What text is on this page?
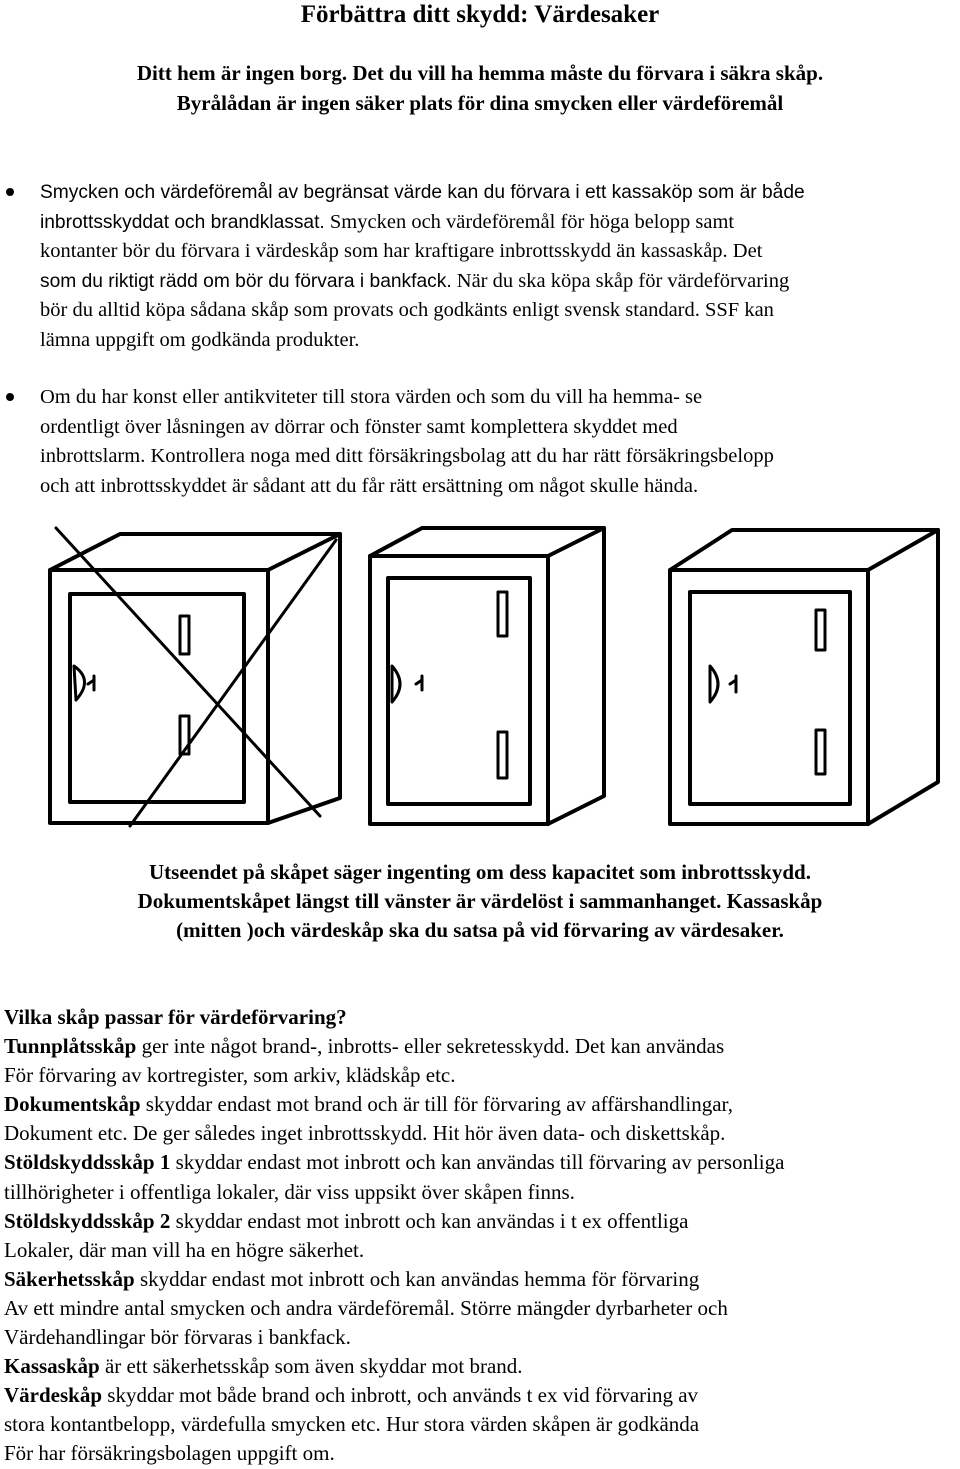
Förbättra ditt skydd: Värdesaker
Ditt hem är ingen borg. Det du vill ha hemma måste du förvara i säkra skåp.
Byrålådan är ingen säker plats för dina smycken eller värdeföremål
Smycken och värdeföremål av begränsat värde kan du förvara i ett kassaköp som är både
inbrottsskyddat och brandklassat. Smycken och värdeföremål för höga belopp samt
kontanter bör du förvara i värdeskåp som har kraftigare inbrottsskydd än kassaskåp. Det
som du riktigt rädd om bör du förvara i bankfack. När du ska köpa skåp för värdeförvaring
bör du alltid köpa sådana skåp som provats och godkänts enligt svensk standard. SSF kan
lämna uppgift om godkända produkter.
Om du har konst eller antikviteter till stora värden och som du vill ha hemma- se
ordentligt över låsningen av dörrar och fönster samt komplettera skyddet med
inbrottslarm. Kontrollera noga med ditt försäkringsbolag att du har rätt försäkringsbelopp
och att inbrottsskyddet är sådant att du får rätt ersättning om något skulle hända.
Utseendet på skåpet säger ingenting om dess kapacitet som inbrottsskydd.
Dokumentskåpet längst till vänster är värdelöst i sammanhanget. Kassaskåp
(mitten )och värdeskåp ska du satsa på vid förvaring av värdesaker.
Vilka skåp passar för värdeförvaring?
Tunnplåtsskåp ger inte något brand-, inbrotts- eller sekretesskydd. Det kan användas
För förvaring av kortregister, som arkiv, klädskåp etc.
Dokumentskåp skyddar endast mot brand och är till för förvaring av affärshandlingar,
Dokument etc. De ger således inget inbrottsskydd. Hit hör även data- och diskettskåp.
Stöldskyddsskåp 1 skyddar endast mot inbrott och kan användas till förvaring av personliga
tillhörigheter i offentliga lokaler, där viss uppsikt över skåpen finns.
Stöldskyddsskåp 2 skyddar endast mot inbrott och kan användas i t ex offentliga
Lokaler, där man vill ha en högre säkerhet.
Säkerhetsskåp skyddar endast mot inbrott och kan användas hemma för förvaring
Av ett mindre antal smycken och andra värdeföremål. Större mängder dyrbarheter och
Värdehandlingar bör förvaras i bankfack.
Kassaskåp är ett säkerhetsskåp som även skyddar mot brand.
Värdeskåp skyddar mot både brand och inbrott, och används t ex vid förvaring av
stora kontantbelopp, värdefulla smycken etc. Hur stora värden skåpen är godkända
För har försäkringsbolagen uppgift om.
